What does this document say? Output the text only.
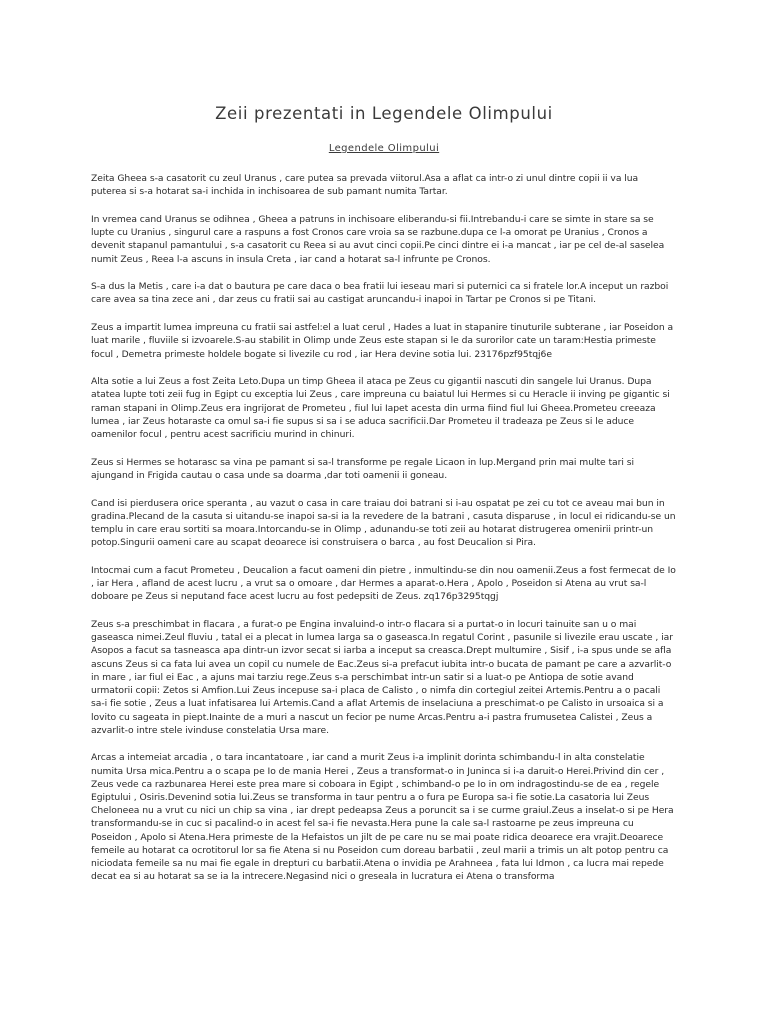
Zeii prezentati in Legendele Olimpului
Legendele Olimpului

Zeita Gheea s-a casatorit cu zeul Uranus , care putea sa prevada viitorul.Asa a aflat ca intr-o zi unul dintre copii ii va lua puterea si s-a hotarat sa-i inchida in inchisoarea de sub pamant numita Tartar.

In vremea cand Uranus se odihnea , Gheea a patruns in inchisoare eliberandu-si fii.Intrebandu-i care se simte in stare sa se lupte cu Uranius , singurul care a raspuns a fost Cronos care vroia sa se razbune.dupa ce l-a omorat pe Uranius , Cronos a devenit stapanul pamantului , s-a casatorit cu Reea si au avut cinci copii.Pe cinci dintre ei i-a mancat , iar pe cel de-al saselea numit Zeus , Reea l-a ascuns in insula Creta , iar cand a hotarat sa-l infrunte pe Cronos.

S-a dus la Metis , care i-a dat o bautura pe care daca o bea fratii lui ieseau mari si puternici ca si fratele lor.A inceput un razboi care avea sa tina zece ani , dar zeus cu fratii sai au castigat aruncandu-i inapoi in Tartar pe Cronos si pe Titani.

Zeus a impartit lumea impreuna cu fratii sai astfel:el a luat cerul , Hades a luat in stapanire tinuturile subterane , iar Poseidon a luat marile , fluviile si izvoarele.S-au stabilit in Olimp unde Zeus este stapan si le da surorilor cate un taram:Hestia primeste focul , Demetra primeste holdele bogate si livezile cu rod , iar Hera devine sotia lui. 23176pzf95tqj6e

Alta sotie a lui Zeus a fost Zeita Leto.Dupa un timp Gheea il ataca pe Zeus cu gigantii nascuti din sangele lui Uranus. Dupa atatea lupte toti zeii fug in Egipt cu exceptia lui Zeus , care impreuna cu baiatul lui Hermes si cu Heracle ii inving pe gigantic si raman stapani in Olimp.Zeus era ingrijorat de Prometeu , fiul lui Iapet acesta din urma fiind fiul lui Gheea.Prometeu creeaza lumea , iar Zeus hotaraste ca omul sa-i fie supus si sa i se aduca sacrificii.Dar Prometeu il tradeaza pe Zeus si le aduce oamenilor focul , pentru acest sacrificiu murind in chinuri.

Zeus si Hermes se hotarasc sa vina pe pamant si sa-l transforme pe regale Licaon in lup.Mergand prin mai multe tari si ajungand in Frigida cautau o casa unde sa doarma ,dar toti oamenii ii goneau.

Cand isi pierdusera orice speranta , au vazut o casa in care traiau doi batrani si i-au ospatat pe zei cu tot ce aveau mai bun in gradina.Plecand de la casuta si uitandu-se inapoi sa-si ia la revedere de la batrani , casuta disparuse , in locul ei ridicandu-se un templu in care erau sortiti sa moara.Intorcandu-se in Olimp , adunandu-se toti zeii au hotarat distrugerea omenirii printr-un potop.Singurii oameni care au scapat deoarece isi construisera o barca , au fost Deucalion si Pira.

Intocmai cum a facut Prometeu , Deucalion a facut oameni din pietre , inmultindu-se din nou oamenii.Zeus a fost fermecat de Io , iar Hera , afland de acest lucru , a vrut sa o omoare , dar Hermes a aparat-o.Hera , Apolo , Poseidon si Atena au vrut sa-l doboare pe Zeus si neputand face acest lucru au fost pedepsiti de Zeus. zq176p3295tqgj

Zeus s-a preschimbat in flacara , a furat-o pe Engina invaluind-o intr-o flacara si a purtat-o in locuri tainuite san u o mai gaseasca nimei.Zeul fluviu , tatal ei a plecat in lumea larga sa o gaseasca.In regatul Corint , pasunile si livezile erau uscate , iar Asopos a facut sa tasneasca apa dintr-un izvor secat si iarba a inceput sa creasca.Drept multumire , Sisif , i-a spus unde se afla ascuns Zeus si ca fata lui avea un copil cu numele de Eac.Zeus si-a prefacut iubita intr-o bucata de pamant pe care a azvarlit-o in mare , iar fiul ei Eac , a ajuns mai tarziu rege.Zeus s-a perschimbat intr-un satir si a luat-o pe Antiopa de sotie avand urmatorii copii: Zetos si Amfion.Lui Zeus incepuse sa-i placa de Calisto , o nimfa din cortegiul zeitei Artemis.Pentru a o pacali sa-i fie sotie , Zeus a luat infatisarea lui Artemis.Cand a aflat Artemis de inselaciuna a preschimat-o pe Calisto in ursoaica si a lovito cu sageata in piept.Inainte de a muri a nascut un fecior pe nume Arcas.Pentru a-i pastra frumusetea Calistei , Zeus a azvarlit-o intre stele ivinduse constelatia Ursa mare.

Arcas a intemeiat arcadia , o tara incantatoare , iar cand a murit Zeus i-a implinit dorinta schimbandu-l in alta constelatie numita Ursa mica.Pentru a o scapa pe Io de mania Herei , Zeus a transformat-o in Juninca si i-a daruit-o Herei.Privind din cer , Zeus vede ca razbunarea Herei este prea mare si coboara in Egipt , schimband-o pe Io in om indragostindu-se de ea , regele Egiptului , Osiris.Devenind sotia lui.Zeus se transforma in taur pentru a o fura pe Europa sa-i fie sotie.La casatoria lui Zeus Cheloneea nu a vrut cu nici un chip sa vina , iar drept pedeapsa Zeus a poruncit sa i se curme graiul.Zeus a inselat-o si pe Hera transformandu-se in cuc si pacalind-o in acest fel sa-i fie nevasta.Hera pune la cale sa-l rastoarne pe zeus impreuna cu Poseidon , Apolo si Atena.Hera primeste de la Hefaistos un jilt de pe care nu se mai poate ridica deoarece era vrajit.Deoarece femeile au hotarat ca ocrotitorul lor sa fie Atena si nu Poseidon cum doreau barbatii , zeul marii a trimis un alt potop pentru ca niciodata femeile sa nu mai fie egale in drepturi cu barbatii.Atena o invidia pe Arahneea , fata lui Idmon , ca lucra mai repede decat ea si au hotarat sa se ia la intrecere.Negasind nici o greseala in lucratura ei Atena o transforma
